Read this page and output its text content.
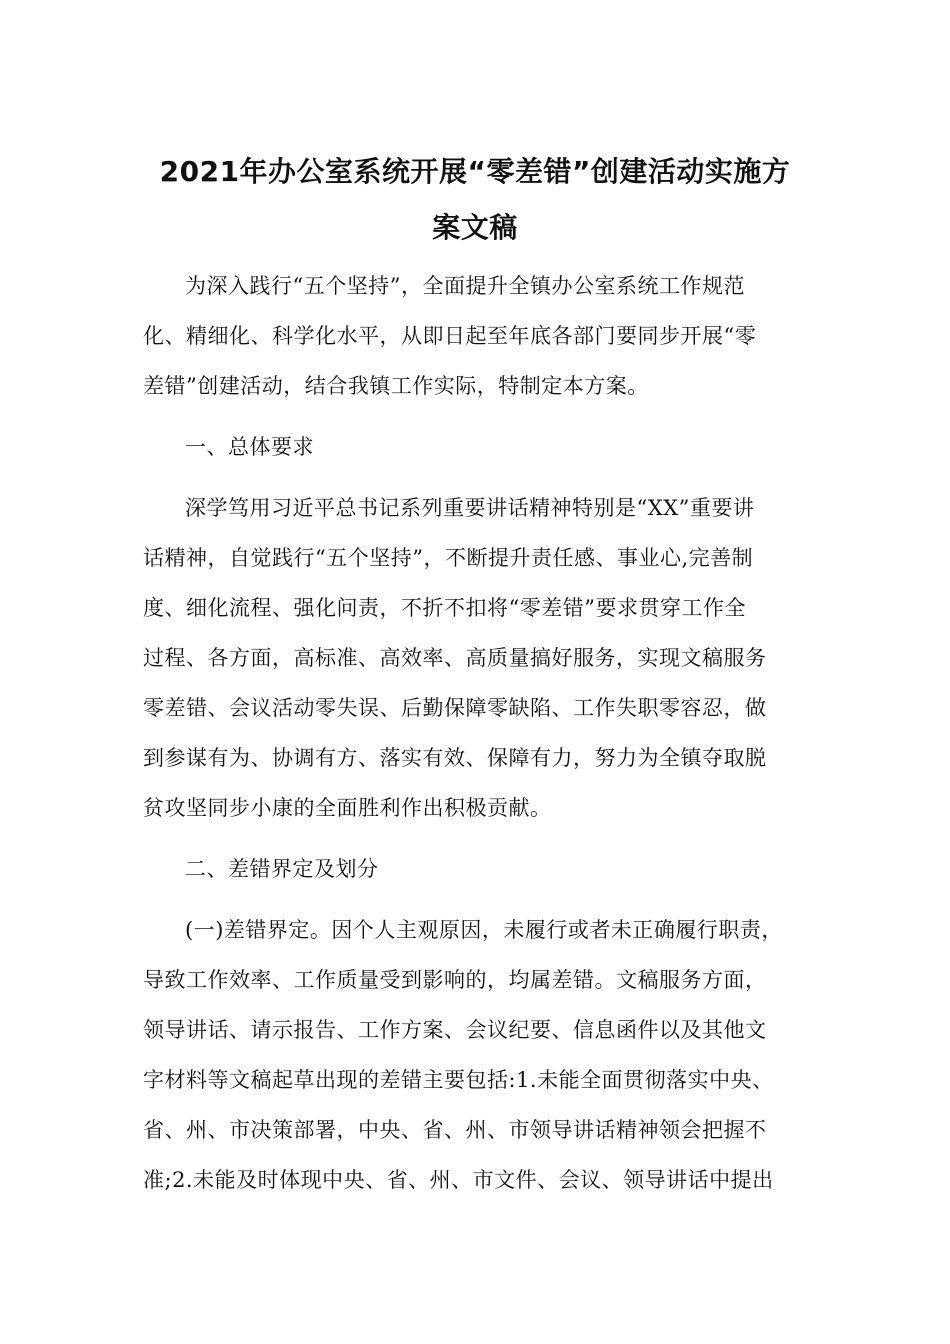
2021年办公室系统开展“零差错”创建活动实施方
案文稿
为深入践行“五个坚持”，全面提升全镇办公室系统工作规范
化、精细化、科学化水平，从即日起至年底各部门要同步开展“零
差错”创建活动，结合我镇工作实际，特制定本方案。
一、总体要求
深学笃用习近平总书记系列重要讲话精神特别是“XX”重要讲
话精神，自觉践行“五个坚持”，不断提升责任感、事业心,完善制
度、细化流程、强化问责，不折不扣将“零差错”要求贯穿工作全
过程、各方面，高标准、高效率、高质量搞好服务，实现文稿服务
零差错、会议活动零失误、后勤保障零缺陷、工作失职零容忍，做
到参谋有为、协调有方、落实有效、保障有力，努力为全镇夺取脱
贫攻坚同步小康的全面胜利作出积极贡献。
二、差错界定及划分
(一)差错界定。因个人主观原因，未履行或者未正确履行职责，
导致工作效率、工作质量受到影响的，均属差错。文稿服务方面，
领导讲话、请示报告、工作方案、会议纪要、信息函件以及其他文
字材料等文稿起草出现的差错主要包括:1.未能全面贯彻落实中央、
省、州、市决策部署，中央、省、州、市领导讲话精神领会把握不
准;2.未能及时体现中央、省、州、市文件、会议、领导讲话中提出
